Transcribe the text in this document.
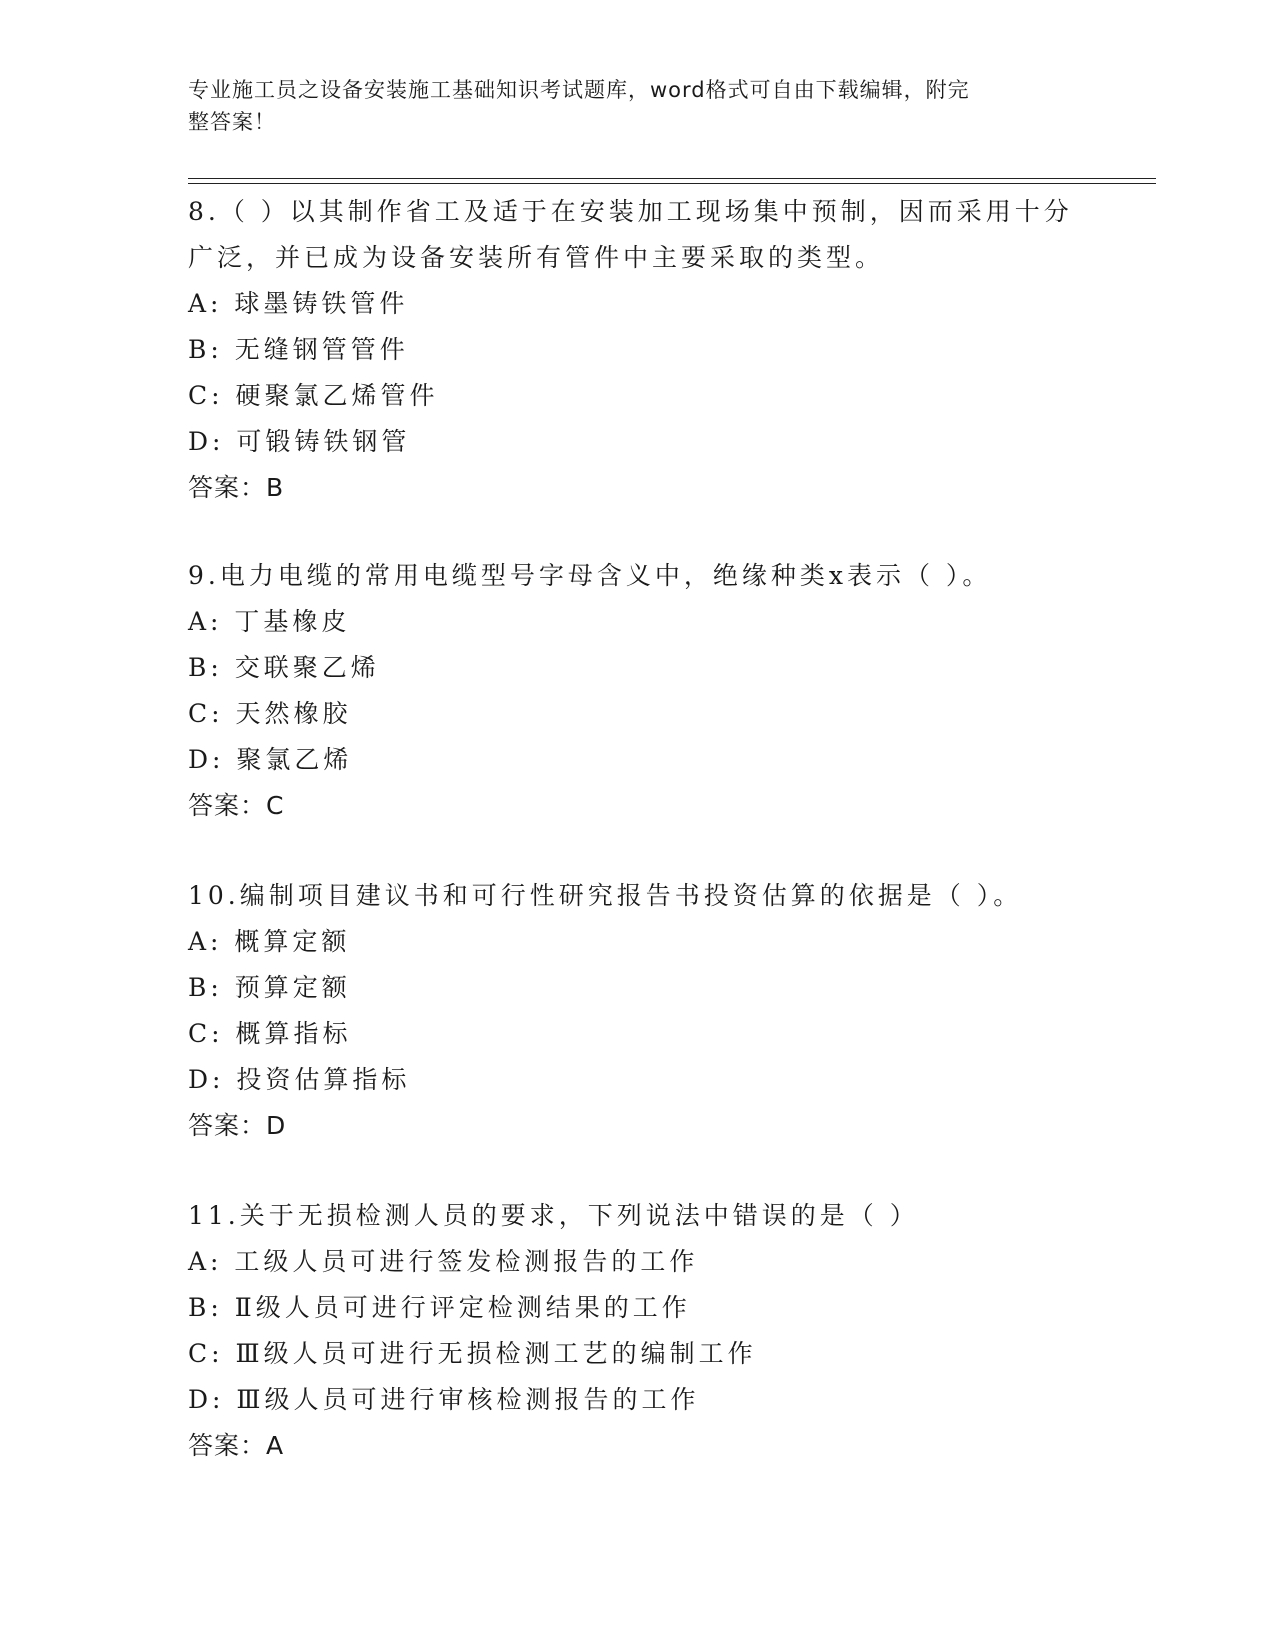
专业施工员之设备安装施工基础知识考试题库，word格式可自由下载编辑，附完
整答案！
8.（ ）以其制作省工及适于在安装加工现场集中预制，因而采用十分
广泛，并已成为设备安装所有管件中主要采取的类型。
A: 球墨铸铁管件
B: 无缝钢管管件
C: 硬聚氯乙烯管件
D: 可锻铸铁钢管
答案：B
9.电力电缆的常用电缆型号字母含义中，绝缘种类x表示（ ）。
A: 丁基橡皮
B: 交联聚乙烯
C: 天然橡胶
D: 聚氯乙烯
答案：C
10.编制项目建议书和可行性研究报告书投资估算的依据是（ ）。
A: 概算定额
B: 预算定额
C: 概算指标
D: 投资估算指标
答案：D
11.关于无损检测人员的要求，下列说法中错误的是（ ）
A: 工级人员可进行签发检测报告的工作
B: Ⅱ级人员可进行评定检测结果的工作
C: Ⅲ级人员可进行无损检测工艺的编制工作
D: Ⅲ级人员可进行审核检测报告的工作
答案：A
